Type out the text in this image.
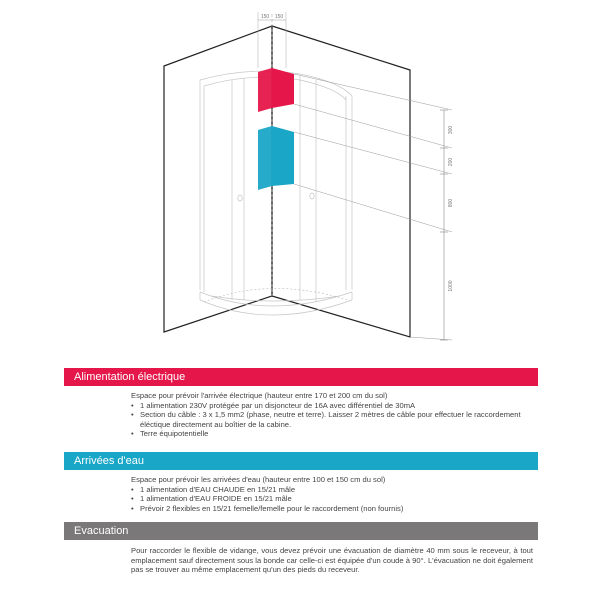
150 150
300
200
800
1000
Alimentation électrique

Espace pour prévoir l'arrivée électrique (hauteur entre 170 et 200 cm du sol)

• 1 alimentation 230V protégée par un disjoncteur de 16A avec différentiel de 30mA
• Section du câble : 3 x 1,5 mm2 (phase, neutre et terre). Laisser 2 mètres de câble pour effectuer le raccordement éléctique directement au boîtier de la cabine.
• Terre équipotentielle
Arrivées d'eau

Espace pour prévoir les arrivées d'eau (hauteur entre 100 et 150 cm du sol)

• 1 alimentation d'EAU CHAUDE en 15/21 mâle
• 1 alimentation d'EAU FROIDE en 15/21 mâle
• Prévoir 2 flexibles en 15/21 femelle/femelle pour le raccordement (non fournis)
Evacuation

Pour raccorder le flexible de vidange, vous devez prévoir une évacuation de diamètre 40 mm sous le receveur, à tout emplacement sauf directement sous la bonde car celle-ci est équipée d'un coude à 90°. L'évacuation ne doit également pas se trouver au même emplacement qu'un des pieds du receveur.
